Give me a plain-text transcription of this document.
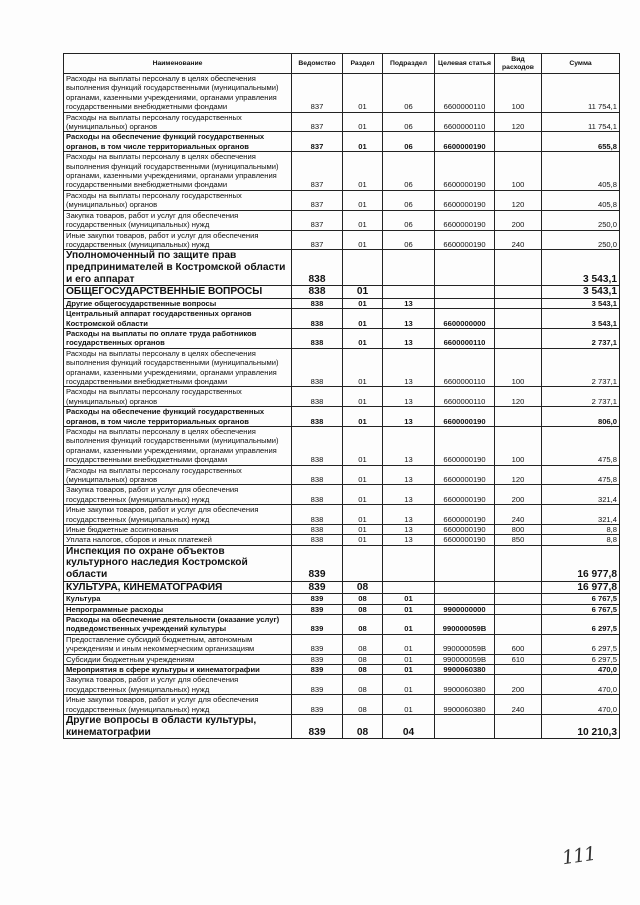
Наименование	Ведомство	Раздел	Подраздел	Целевая статья	Вид расходов	Сумма
Расходы на выплаты персоналу в целях обеспечения выполнения функций государственными (муниципальными) органами, казенными учреждениями, органами управления государственными внебюджетными фондами	837	01	06	6600000110	100	11 754,1
Расходы на выплаты персоналу государственных (муниципальных) органов	837	01	06	6600000110	120	11 754,1
Расходы на обеспечение функций государственных органов, в том числе территориальных органов	837	01	06	6600000190		655,8
Расходы на выплаты персоналу в целях обеспечения выполнения функций государственными (муниципальными) органами, казенными учреждениями, органами управления государственными внебюджетными фондами	837	01	06	6600000190	100	405,8
Расходы на выплаты персоналу государственных (муниципальных) органов	837	01	06	6600000190	120	405,8
Закупка товаров, работ и услуг для обеспечения государственных (муниципальных) нужд	837	01	06	6600000190	200	250,0
Иные закупки товаров, работ и услуг для обеспечения государственных (муниципальных) нужд	837	01	06	6600000190	240	250,0
Уполномоченный по защите прав предпринимателей в Костромской области и его аппарат	838					3 543,1
ОБЩЕГОСУДАРСТВЕННЫЕ ВОПРОСЫ	838	01				3 543,1
Другие общегосударственные вопросы	838	01	13			3 543,1
Центральный аппарат государственных органов Костромской области	838	01	13	6600000000		3 543,1
Расходы на выплаты по оплате труда работников государственных органов	838	01	13	6600000110		2 737,1
Расходы на выплаты персоналу в целях обеспечения выполнения функций государственными (муниципальными) органами, казенными учреждениями, органами управления государственными внебюджетными фондами	838	01	13	6600000110	100	2 737,1
Расходы на выплаты персоналу государственных (муниципальных) органов	838	01	13	6600000110	120	2 737,1
Расходы на обеспечение функций государственных органов, в том числе территориальных органов	838	01	13	6600000190		806,0
Расходы на выплаты персоналу в целях обеспечения выполнения функций государственными (муниципальными) органами, казенными учреждениями, органами управления государственными внебюджетными фондами	838	01	13	6600000190	100	475,8
Расходы на выплаты персоналу государственных (муниципальных) органов	838	01	13	6600000190	120	475,8
Закупка товаров, работ и услуг для обеспечения государственных (муниципальных) нужд	838	01	13	6600000190	200	321,4
Иные закупки товаров, работ и услуг для обеспечения государственных (муниципальных) нужд	838	01	13	6600000190	240	321,4
Иные бюджетные ассигнования	838	01	13	6600000190	800	8,8
Уплата налогов, сборов и иных платежей	838	01	13	6600000190	850	8,8
Инспекция по охране объектов культурного наследия Костромской области	839					16 977,8
КУЛЬТУРА, КИНЕМАТОГРАФИЯ	839	08				16 977,8
Культура	839	08	01			6 767,5
Непрограммные расходы	839	08	01	9900000000		6 767,5
Расходы на обеспечение деятельности (оказание услуг) подведомственных учреждений культуры	839	08	01	990000059В		6 297,5
Предоставление субсидий бюджетным, автономным учреждениям и иным некоммерческим организациям	839	08	01	990000059В	600	6 297,5
Субсидии бюджетным учреждениям	839	08	01	990000059В	610	6 297,5
Мероприятия в сфере культуры и кинематографии	839	08	01	9900060380		470,0
Закупка товаров, работ и услуг для обеспечения государственных (муниципальных) нужд	839	08	01	9900060380	200	470,0
Иные закупки товаров, работ и услуг для обеспечения государственных (муниципальных) нужд	839	08	01	9900060380	240	470,0
Другие вопросы в области культуры, кинематографии	839	08	04			10 210,3
111
